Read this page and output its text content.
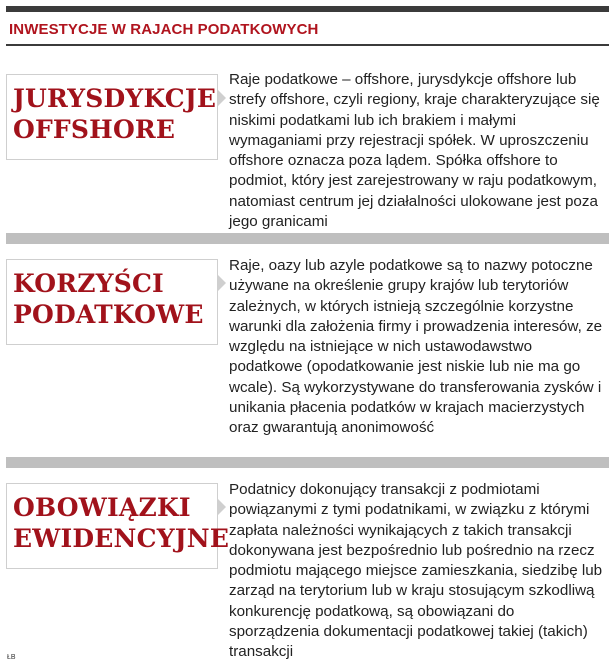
INWESTYCJE W RAJACH PODATKOWYCH
JURYSDYKCJE
OFFSHORE
Raje podatkowe – offshore, jurysdykcje offshore lub strefy offshore, czyli regiony, kraje charakteryzujące się niskimi podatkami lub ich brakiem i małymi wymaganiami przy rejestracji spółek. W uproszczeniu offshore oznacza poza lądem. Spółka offshore to podmiot, który jest zarejestrowany w raju podatkowym, natomiast centrum jej działalności ulokowane jest poza jego granicami
KORZYŚCI
PODATKOWE
Raje, oazy lub azyle podatkowe są to nazwy potoczne używane na określenie grupy krajów lub terytoriów zależnych, w których istnieją szczególnie korzystne warunki dla założenia firmy i prowadzenia interesów, ze względu na istniejące w nich ustawodawstwo podatkowe (opodatkowanie jest niskie lub nie ma go wcale). Są wykorzystywane do transferowania zysków i unikania płacenia podatków w krajach macierzystych oraz gwarantują anonimowość
OBOWIĄZKI
EWIDENCYJNE
Podatnicy dokonujący transakcji z podmiotami powiązanymi z tymi podatnikami, w związku z którymi zapłata należności wynikających z takich transakcji dokonywana jest bezpośrednio lub pośrednio na rzecz podmiotu mającego miejsce zamieszkania, siedzibę lub zarząd na terytorium lub w kraju stosującym szkodliwą konkurencję podatkową, są obowiązani do sporządzenia dokumentacji podatkowej takiej (takich) transakcji
ŁB
